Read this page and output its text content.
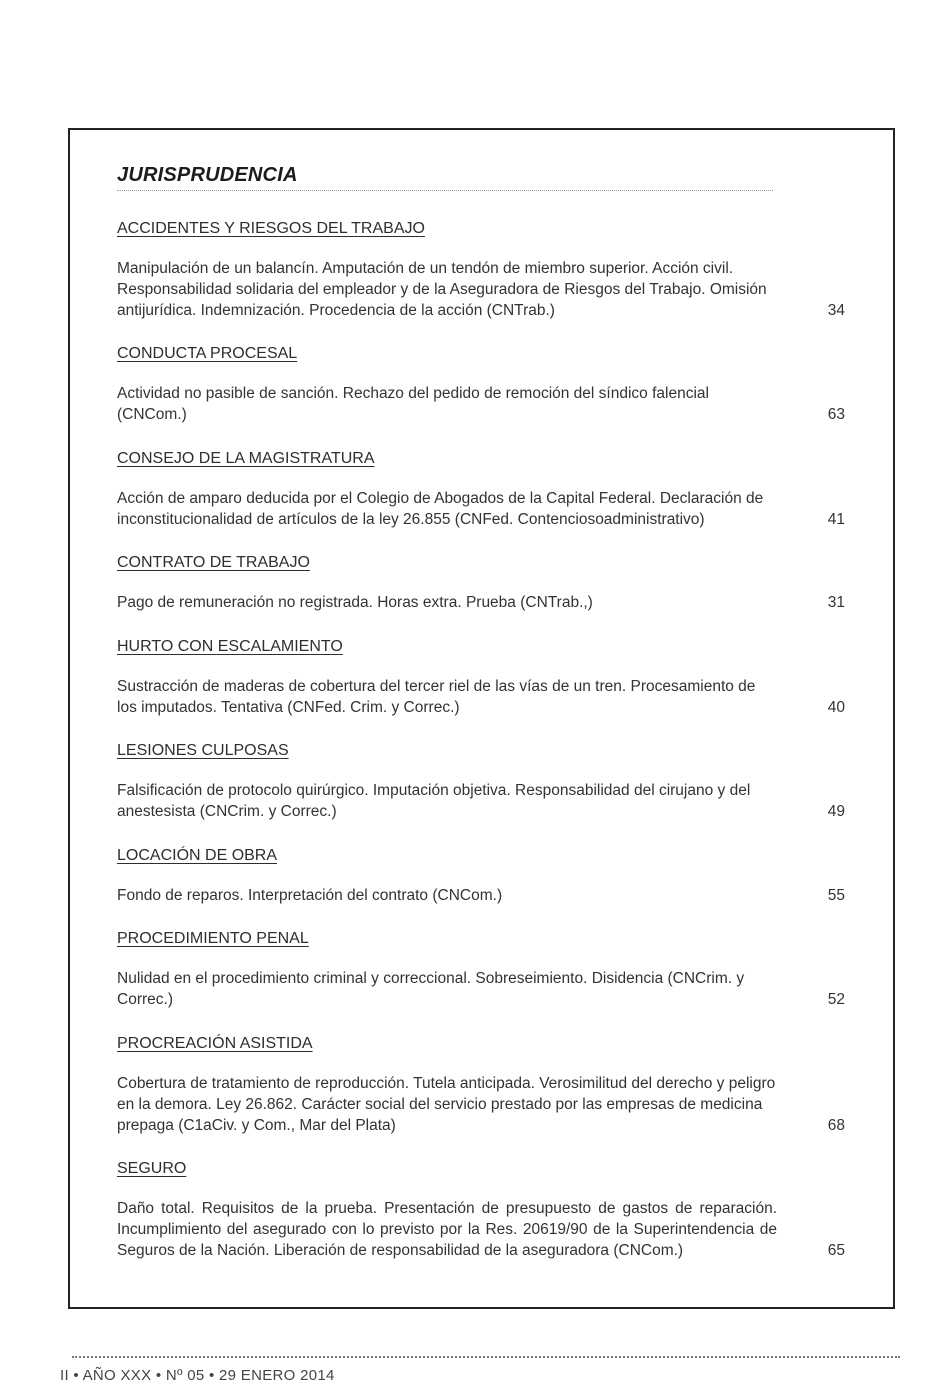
JURISPRUDENCIA
ACCIDENTES Y RIESGOS DEL TRABAJO
Manipulación de un balancín. Amputación de un tendón de miembro superior. Acción civil. Responsabilidad solidaria del empleador y de la Aseguradora de Riesgos del Trabajo. Omisión antijurídica. Indemnización. Procedencia de la acción (CNTrab.)	34
CONDUCTA PROCESAL
Actividad no pasible de sanción. Rechazo del pedido de remoción del síndico falencial (CNCom.)	63
CONSEJO DE LA MAGISTRATURA
Acción de amparo deducida por el Colegio de Abogados de la Capital Federal. Declaración de inconstitucionalidad de artículos de la ley 26.855 (CNFed. Contenciosoadministrativo)	41
CONTRATO DE TRABAJO
Pago de remuneración no registrada. Horas extra. Prueba (CNTrab.,)	31
HURTO CON ESCALAMIENTO
Sustracción de maderas de cobertura del tercer riel de las vías de un tren. Procesamiento de los imputados. Tentativa (CNFed. Crim. y Correc.)	40
LESIONES CULPOSAS
Falsificación de protocolo quirúrgico. Imputación objetiva. Responsabilidad del cirujano y del anestesista (CNCrim. y Correc.)	49
LOCACIÓN DE OBRA
Fondo de reparos. Interpretación del contrato (CNCom.)	55
PROCEDIMIENTO PENAL
Nulidad en el procedimiento criminal y correccional. Sobreseimiento. Disidencia (CNCrim. y Correc.)	52
PROCREACIÓN ASISTIDA
Cobertura de tratamiento de reproducción. Tutela anticipada. Verosimilitud del derecho y peligro en la demora. Ley 26.862. Carácter social del servicio prestado por las empresas de medicina prepaga (C1aCiv. y Com., Mar del Plata)	68
SEGURO
Daño total. Requisitos de la prueba. Presentación de presupuesto de gastos de reparación. Incumplimiento del asegurado con lo previsto por la Res. 20619/90 de la Superintendencia de Seguros de la Nación. Liberación de responsabilidad de la aseguradora (CNCom.)	65
II • AÑO XXX • Nº 05 • 29 ENERO 2014
